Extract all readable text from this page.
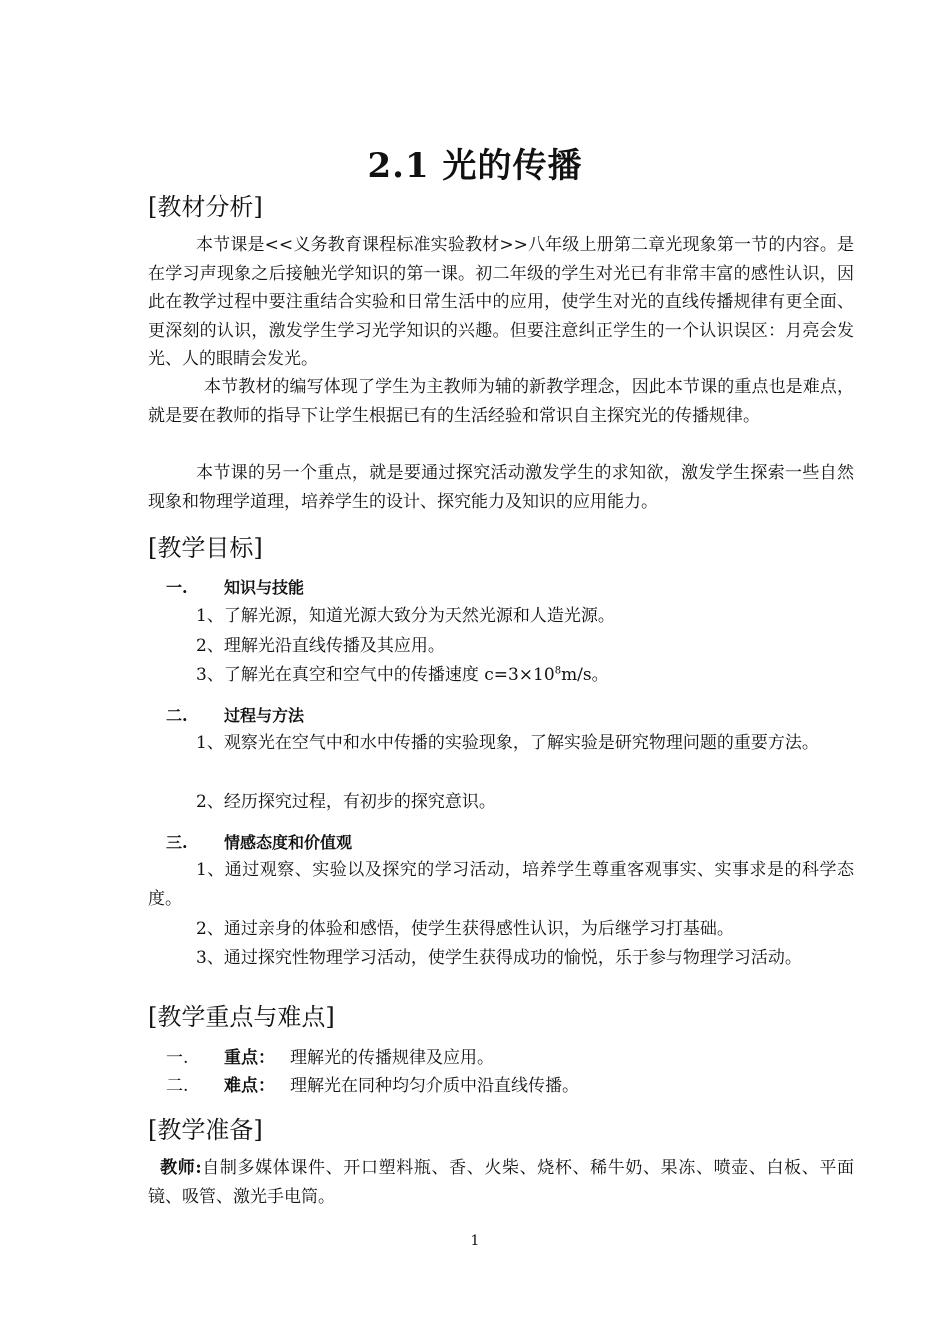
2.1 光的传播
[教材分析]
本节课是<<义务教育课程标准实验教材>>八年级上册第二章光现象第一节的内容。是在学习声现象之后接触光学知识的第一课。初二年级的学生对光已有非常丰富的感性认识，因此在教学过程中要注重结合实验和日常生活中的应用，使学生对光的直线传播规律有更全面、更深刻的认识，激发学生学习光学知识的兴趣。但要注意纠正学生的一个认识误区：月亮会发光、人的眼睛会发光。
本节教材的编写体现了学生为主教师为辅的新教学理念，因此本节课的重点也是难点，就是要在教师的指导下让学生根据已有的生活经验和常识自主探究光的传播规律。
本节课的另一个重点，就是要通过探究活动激发学生的求知欲，激发学生探索一些自然现象和物理学道理，培养学生的设计、探究能力及知识的应用能力。
[教学目标]
一. 知识与技能
1、了解光源，知道光源大致分为天然光源和人造光源。
2、理解光沿直线传播及其应用。
3、了解光在真空和空气中的传播速度 $c=3\times 10^8m/s$。
二. 过程与方法
1、观察光在空气中和水中传播的实验现象，了解实验是研究物理问题的重要方法。
2、经历探究过程，有初步的探究意识。
三. 情感态度和价值观
1、通过观察、实验以及探究的学习活动，培养学生尊重客观事实、实事求是的科学态度。
2、通过亲身的体验和感悟，使学生获得感性认识，为后继学习打基础。
3、通过探究性物理学习活动，使学生获得成功的愉悦，乐于参与物理学习活动。
[教学重点与难点]
一. 重点： 理解光的传播规律及应用。
二. 难点： 理解光在同种均匀介质中沿直线传播。
[教学准备]
教师:自制多媒体课件、开口塑料瓶、香、火柴、烧杯、稀牛奶、果冻、喷壶、白板、平面镜、吸管、激光手电筒。
1
